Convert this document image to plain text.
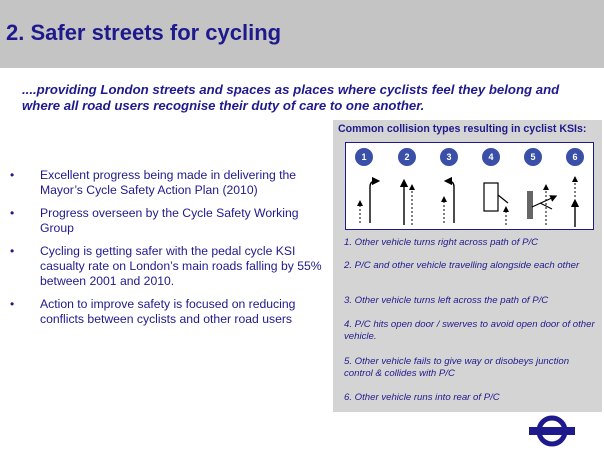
2. Safer streets for cycling
....providing London streets and spaces as places where cyclists feel they belong and where all road users recognise their duty of care to one another.
• Excellent progress being made in delivering the Mayor’s Cycle Safety Action Plan (2010)
• Progress overseen by the Cycle Safety Working Group
• Cycling is getting safer with the pedal cycle KSI casualty rate on London’s main roads falling by 55% between 2001 and 2010.
• Action to improve safety is focused on reducing conflicts between cyclists and other road users
Common collision types resulting in cyclist KSIs:
1	2	3	4	5	6
1. Other vehicle turns right across path of P/C
2. P/C and other vehicle travelling alongside each other
3. Other vehicle turns left across the path of P/C
4. P/C hits open door / swerves to avoid open door of other vehicle.
5. Other vehicle fails to give way or disobeys junction control & collides with P/C
6. Other vehicle runs into rear of P/C
